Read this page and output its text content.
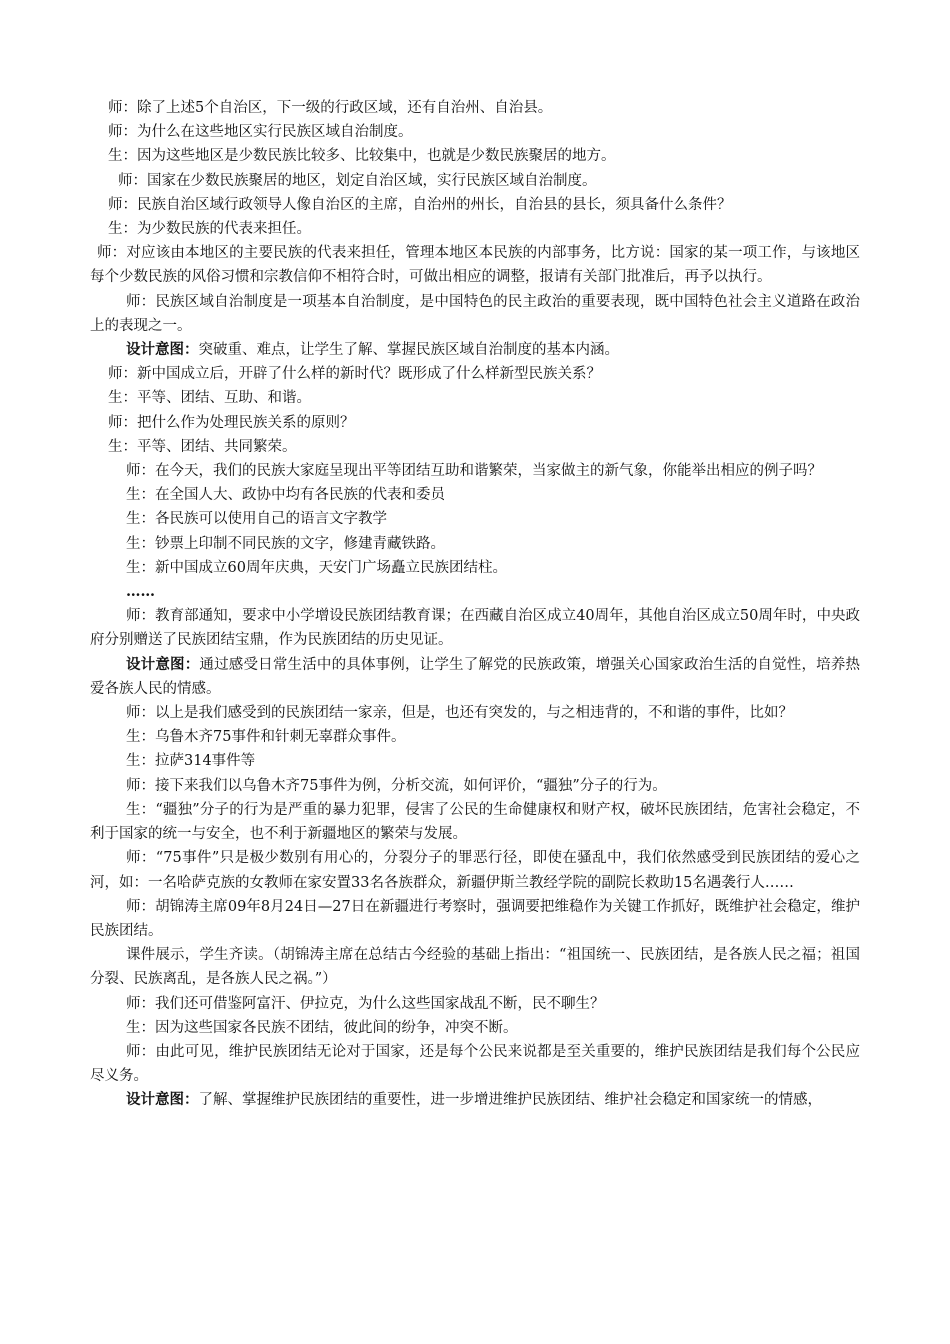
师：除了上述5个自治区，下一级的行政区域，还有自治州、自治县。

师：为什么在这些地区实行民族区域自治制度。

生：因为这些地区是少数民族比较多、比较集中，也就是少数民族聚居的地方。

师：国家在少数民族聚居的地区，划定自治区域，实行民族区域自治制度。

师：民族自治区域行政领导人像自治区的主席，自治州的州长，自治县的县长，须具备什么条件？

生：为少数民族的代表来担任。

师：对应该由本地区的主要民族的代表来担任，管理本地区本民族的内部事务，比方说：国家的某一项工作，与该地区每个少数民族的风俗习惯和宗教信仰不相符合时，可做出相应的调整，报请有关部门批准后，再予以执行。

师：民族区域自治制度是一项基本自治制度，是中国特色的民主政治的重要表现，既中国特色社会主义道路在政治上的表现之一。

设计意图：突破重、难点，让学生了解、掌握民族区域自治制度的基本内涵。

师：新中国成立后，开辟了什么样的新时代？既形成了什么样新型民族关系？

生：平等、团结、互助、和谐。

师：把什么作为处理民族关系的原则？

生：平等、团结、共同繁荣。

师：在今天，我们的民族大家庭呈现出平等团结互助和谐繁荣，当家做主的新气象，你能举出相应的例子吗？

生：在全国人大、政协中均有各民族的代表和委员

生：各民族可以使用自己的语言文字教学

生：钞票上印制不同民族的文字，修建青藏铁路。

生：新中国成立60周年庆典，天安门广场矗立民族团结柱。

……

师：教育部通知，要求中小学增设民族团结教育课；在西藏自治区成立40周年，其他自治区成立50周年时，中央政府分别赠送了民族团结宝鼎，作为民族团结的历史见证。

设计意图：通过感受日常生活中的具体事例，让学生了解党的民族政策，增强关心国家政治生活的自觉性，培养热爱各族人民的情感。

师：以上是我们感受到的民族团结一家亲，但是，也还有突发的，与之相违背的，不和谐的事件，比如？

生：乌鲁木齐75事件和针刺无辜群众事件。

生：拉萨314事件等

师：接下来我们以乌鲁木齐75事件为例，分析交流，如何评价，“疆独”分子的行为。

生：“疆独”分子的行为是严重的暴力犯罪，侵害了公民的生命健康权和财产权，破坏民族团结，危害社会稳定，不利于国家的统一与安全，也不利于新疆地区的繁荣与发展。

师：“75事件”只是极少数别有用心的，分裂分子的罪恶行径，即使在骚乱中，我们依然感受到民族团结的爱心之河，如：一名哈萨克族的女教师在家安置33名各族群众，新疆伊斯兰教经学院的副院长救助15名遇袭行人……

师：胡锦涛主席09年8月24日—27日在新疆进行考察时，强调要把维稳作为关键工作抓好，既维护社会稳定，维护民族团结。

课件展示，学生齐读。（胡锦涛主席在总结古今经验的基础上指出：“祖国统一、民族团结，是各族人民之福；祖国分裂、民族离乱，是各族人民之祸。”）

师：我们还可借鉴阿富汗、伊拉克，为什么这些国家战乱不断，民不聊生？

生：因为这些国家各民族不团结，彼此间的纷争，冲突不断。

师：由此可见，维护民族团结无论对于国家，还是每个公民来说都是至关重要的，维护民族团结是我们每个公民应尽义务。

设计意图：了解、掌握维护民族团结的重要性，进一步增进维护民族团结、维护社会稳定和国家统一的情感，
